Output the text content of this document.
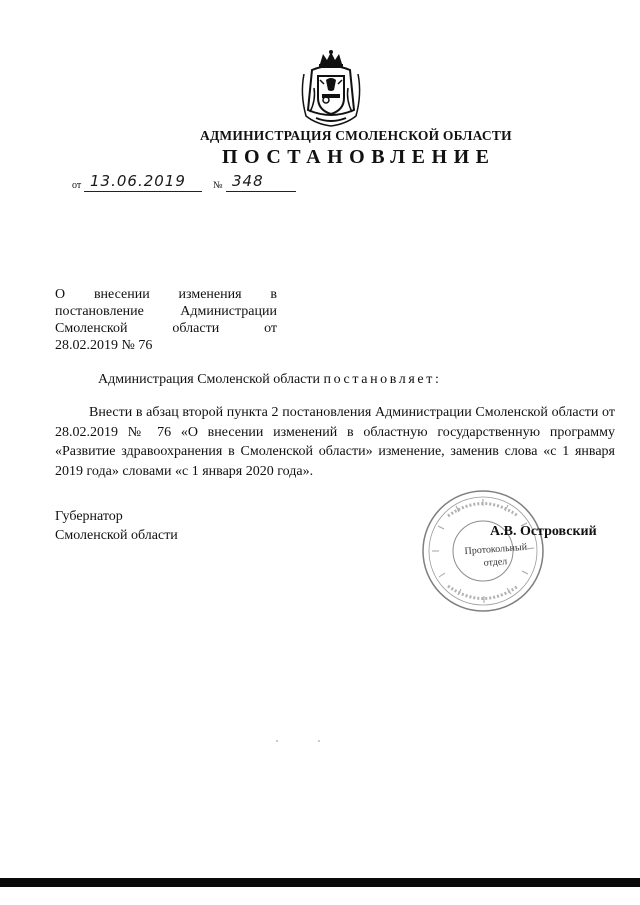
АДМИНИСТРАЦИЯ СМОЛЕНСКОЙ ОБЛАСТИ
ПОСТАНОВЛЕНИЕ
от 13.06.2019	№ 348
О внесении изменения в
постановление Администрации
Смоленской области от
28.02.2019 № 76
Администрация Смоленской области постановляет:
Внести в абзац второй пункта 2 постановления Администрации Смоленской области от 28.02.2019 № 76 «О внесении изменений в областную государственную программу «Развитие здравоохранения в Смоленской области» изменение, заменив слова «с 1 января 2019 года» словами «с 1 января 2020 года».
Губернатор
Смоленской области
Протокольный
отдел
А.В. Островский
